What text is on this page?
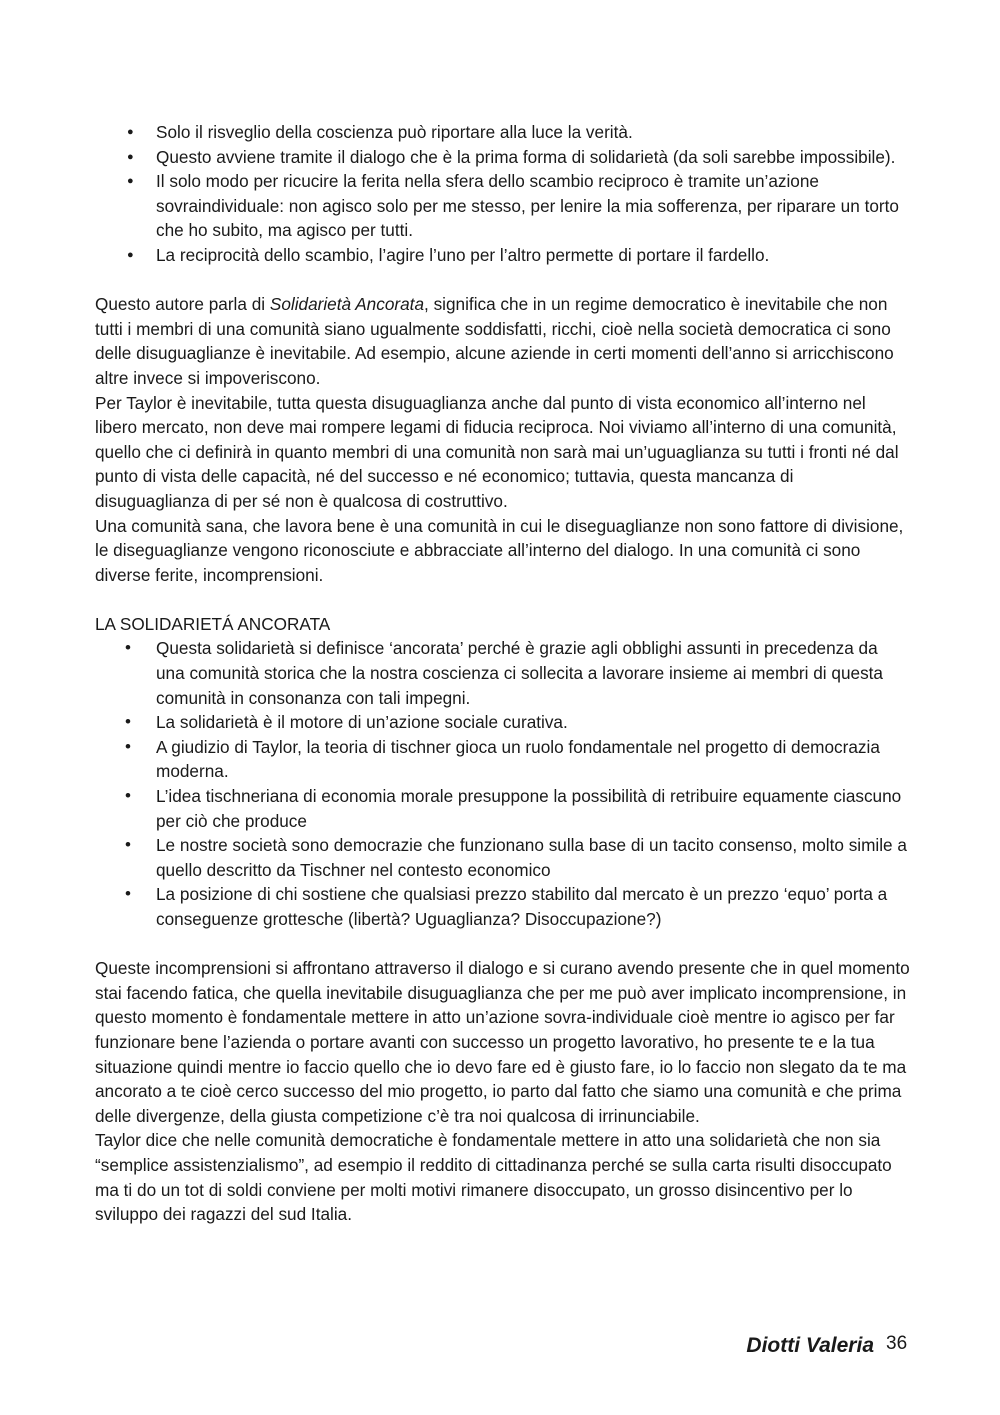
● Solo il risveglio della coscienza può riportare alla luce la verità.
● Questo avviene tramite il dialogo che è la prima forma di solidarietà (da soli sarebbe impossibile).
● Il solo modo per ricucire la ferita nella sfera dello scambio reciproco è tramite un’azione sovraindividuale: non agisco solo per me stesso, per lenire la mia sofferenza, per riparare un torto che ho subito, ma agisco per tutti.
● La reciprocità dello scambio, l’agire l’uno per l’altro permette di portare il fardello.

Questo autore parla di Solidarietà Ancorata, significa che in un regime democratico è inevitabile che non tutti i membri di una comunità siano ugualmente soddisfatti, ricchi, cioè nella società democratica ci sono delle disuguaglianze è inevitabile. Ad esempio, alcune aziende in certi momenti dell’anno si arricchiscono altre invece si impoveriscono.

Per Taylor è inevitabile, tutta questa disuguaglianza anche dal punto di vista economico all’interno nel libero mercato, non deve mai rompere legami di fiducia reciproca. Noi viviamo all’interno di una comunità, quello che ci definirà in quanto membri di una comunità non sarà mai un’uguaglianza su tutti i fronti né dal punto di vista delle capacità, né del successo e né economico; tuttavia, questa mancanza di disuguaglianza di per sé non è qualcosa di costruttivo.

Una comunità sana, che lavora bene è una comunità in cui le diseguaglianze non sono fattore di divisione, le diseguaglianze vengono riconosciute e abbracciate all’interno del dialogo. In una comunità ci sono diverse ferite, incomprensioni.

LA SOLIDARIETÁ ANCORATA

• Questa solidarietà si definisce ‘ancorata’ perché è grazie agli obblighi assunti in precedenza da una comunità storica che la nostra coscienza ci sollecita a lavorare insieme ai membri di questa comunità in consonanza con tali impegni.
• La solidarietà è il motore di un’azione sociale curativa.
• A giudizio di Taylor, la teoria di tischner gioca un ruolo fondamentale nel progetto di democrazia moderna.
• L’idea tischneriana di economia morale presuppone la possibilità di retribuire equamente ciascuno per ciò che produce
• Le nostre società sono democrazie che funzionano sulla base di un tacito consenso, molto simile a quello descritto da Tischner nel contesto economico
• La posizione di chi sostiene che qualsiasi prezzo stabilito dal mercato è un prezzo ‘equo’ porta a conseguenze grottesche (libertà? Uguaglianza? Disoccupazione?)

Queste incomprensioni si affrontano attraverso il dialogo e si curano avendo presente che in quel momento stai facendo fatica, che quella inevitabile disuguaglianza che per me può aver implicato incomprensione, in questo momento è fondamentale mettere in atto un’azione sovra-individuale cioè mentre io agisco per far funzionare bene l’azienda o portare avanti con successo un progetto lavorativo, ho presente te e la tua situazione quindi mentre io faccio quello che io devo fare ed è giusto fare, io lo faccio non slegato da te ma ancorato a te cioè cerco successo del mio progetto, io parto dal fatto che siamo una comunità e che prima delle divergenze, della giusta competizione c’è tra noi qualcosa di irrinunciabile.

Taylor dice che nelle comunità democratiche è fondamentale mettere in atto una solidarietà che non sia “semplice assistenzialismo”, ad esempio il reddito di cittadinanza perché se sulla carta risulti disoccupato ma ti do un tot di soldi conviene per molti motivi rimanere disoccupato, un grosso disincentivo per lo sviluppo dei ragazzi del sud Italia.

Diotti Valeria 36
